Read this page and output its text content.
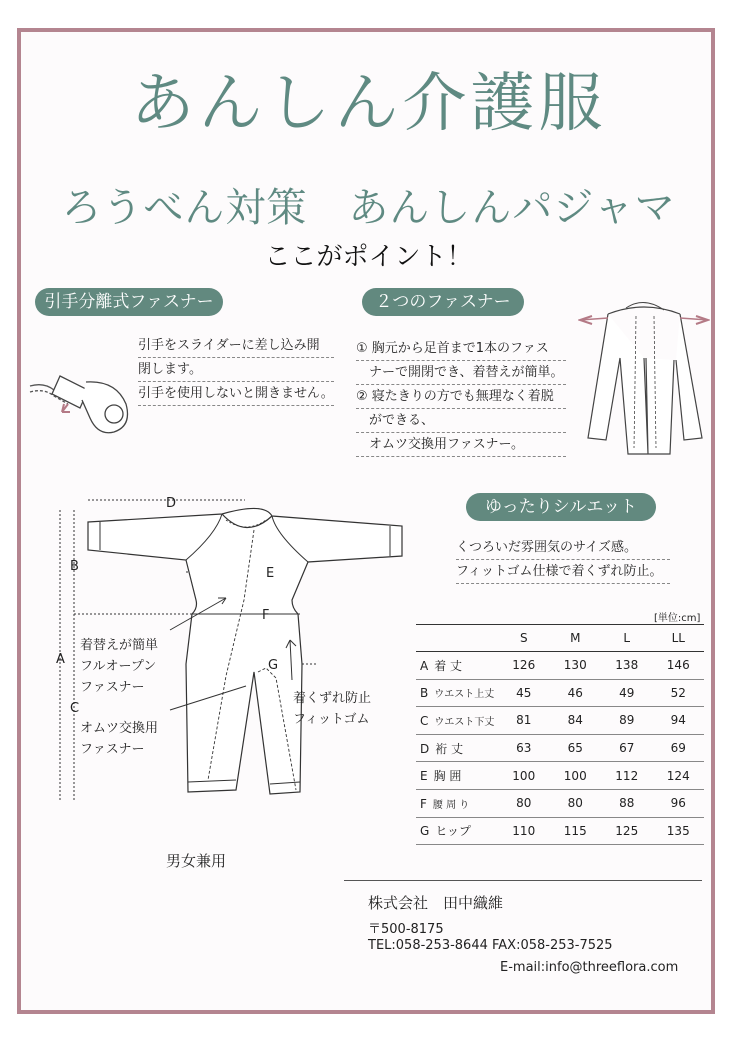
あんしん介護服
ろうべん対策　あんしんパジャマ
ここがポイント！
引手分離式ファスナー
引手をスライダーに差し込み開
閉します。
引手を使用しないと開きません。
２つのファスナー
① 胸元から足首まで1本のファス
　ナーで開閉でき、着替えが簡単。
② 寝たきりの方でも無理なく着脱
　ができる、
　オムツ交換用ファスナー。
ゆったりシルエット
くつろいだ雰囲気のサイズ感。
フィットゴム仕様で着くずれ防止。
D
B
A
C
E
F
G
着替えが簡単
フルオープン
ファスナー
オムツ交換用
ファスナー
着くずれ防止
フィットゴム
男女兼用
[単位:cm]
	S	M	L	LL
A 着 丈	126	130	138	146
B ウエスト上丈	45	46	49	52
C ウエスト下丈	81	84	89	94
D 裄 丈	63	65	67	69
E 胸 囲	100	100	112	124
F 腰 周 り	80	80	88	96
G ヒップ	110	115	125	135
株式会社　田中織維
〒500-8175
TEL:058-253-8644 FAX:058-253-7525
E-mail:info@threeflora.com
